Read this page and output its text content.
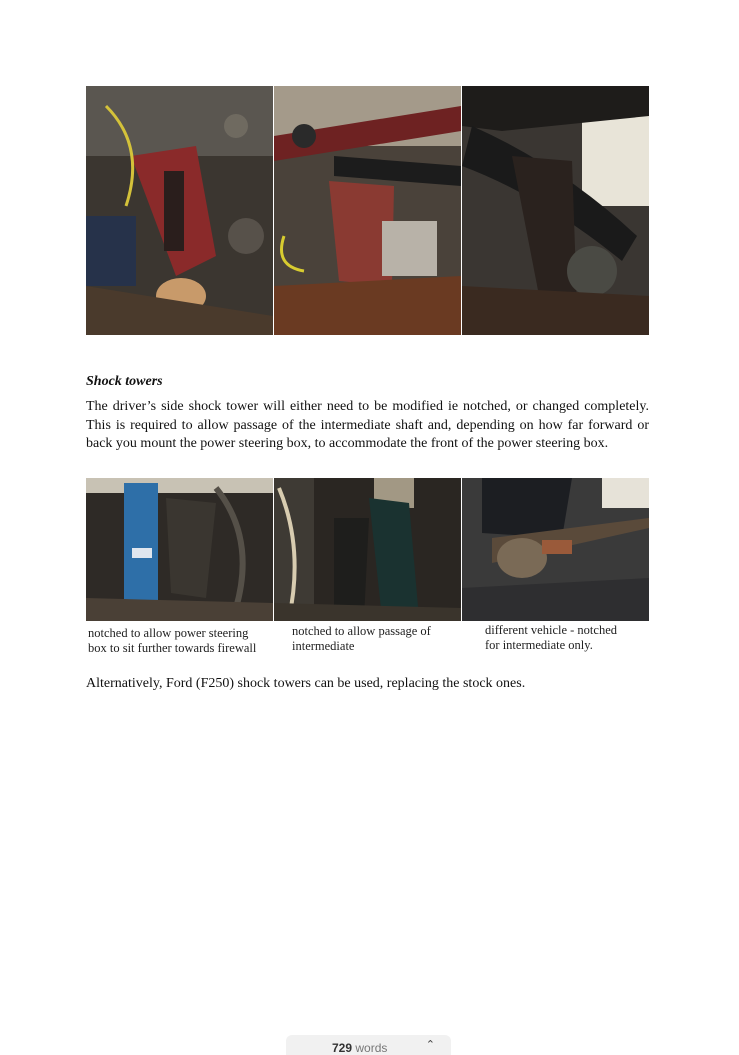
Shock towers

The driver’s side shock tower will either need to be modified ie notched, or changed completely. This is required to allow passage of the intermediate shaft and, depending on how far forward or back you mount the power steering box, to accommodate the front of the power steering box.

notched to allow power steering
box to sit further towards firewall

notched to allow passage of
intermediate

different vehicle - notched
for intermediate only.

Alternatively, Ford (F250) shock towers can be used, replacing the stock ones.

729 words	⌃
